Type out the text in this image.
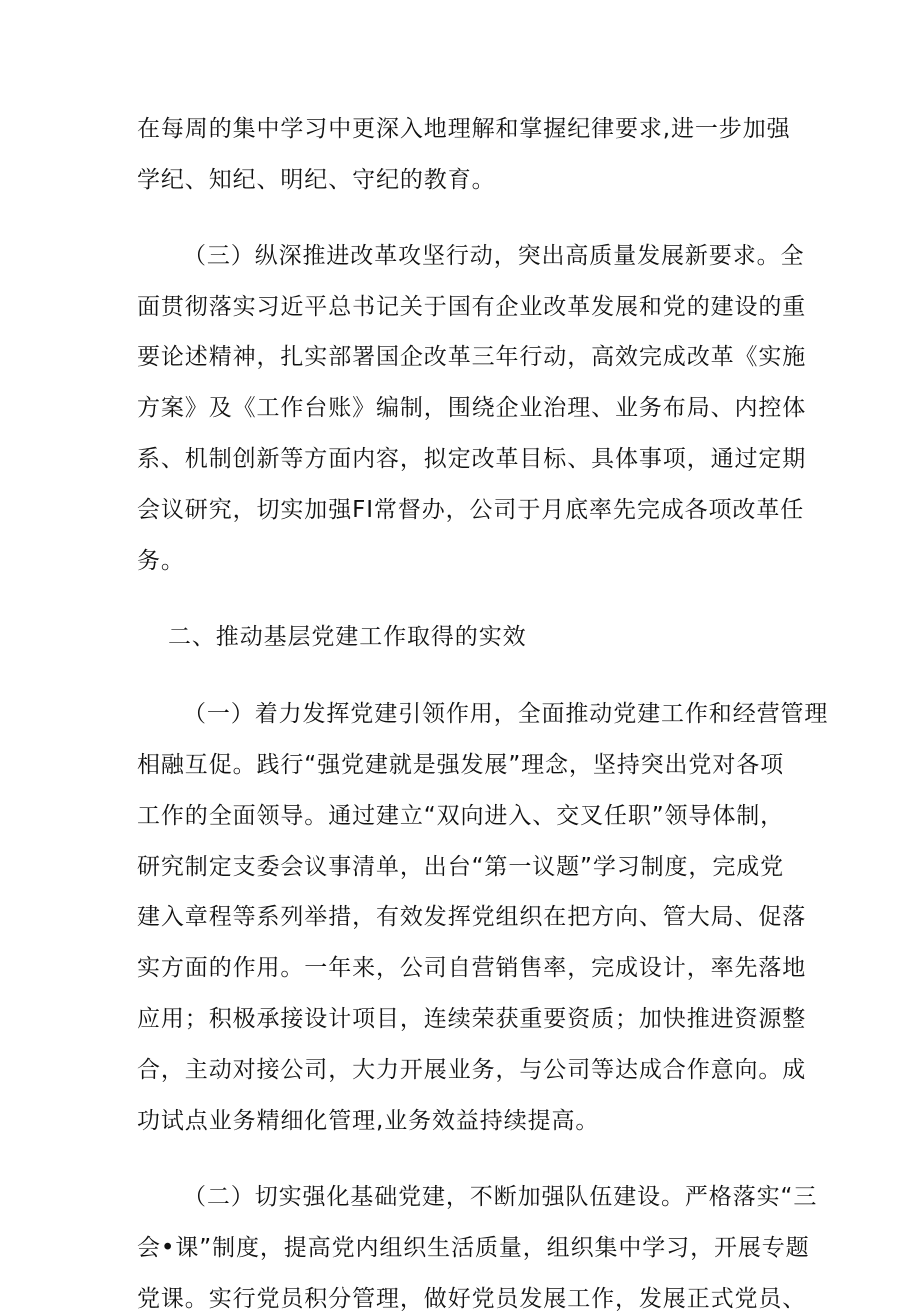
在每周的集中学习中更深入地理解和掌握纪律要求,进一步加强
学纪、知纪、明纪、守纪的教育。
（三）纵深推进改革攻坚行动，突出高质量发展新要求。全
面贯彻落实习近平总书记关于国有企业改革发展和党的建设的重
要论述精神，扎实部署国企改革三年行动，高效完成改革《实施
方案》及《工作台账》编制，围绕企业治理、业务布局、内控体
系、机制创新等方面内容，拟定改革目标、具体事项，通过定期
会议研究，切实加强FI常督办，公司于月底率先完成各项改革任
务。
二、推动基层党建工作取得的实效
（一）着力发挥党建引领作用，全面推动党建工作和经营管理
相融互促。践行“强党建就是强发展”理念，坚持突出党对各项
工作的全面领导。通过建立“双向进入、交叉任职”领导体制，
研究制定支委会议事清单，出台“第一议题”学习制度，完成党
建入章程等系列举措，有效发挥党组织在把方向、管大局、促落
实方面的作用。一年来，公司自营销售率，完成设计，率先落地
应用；积极承接设计项目，连续荣获重要资质；加快推进资源整
合，主动对接公司，大力开展业务，与公司等达成合作意向。成
功试点业务精细化管理,业务效益持续提高。
（二）切实强化基础党建，不断加强队伍建设。严格落实“三
会•课”制度，提高党内组织生活质量，组织集中学习，开展专题
党课。实行党员积分管理，做好党员发展工作，发展正式党员、
